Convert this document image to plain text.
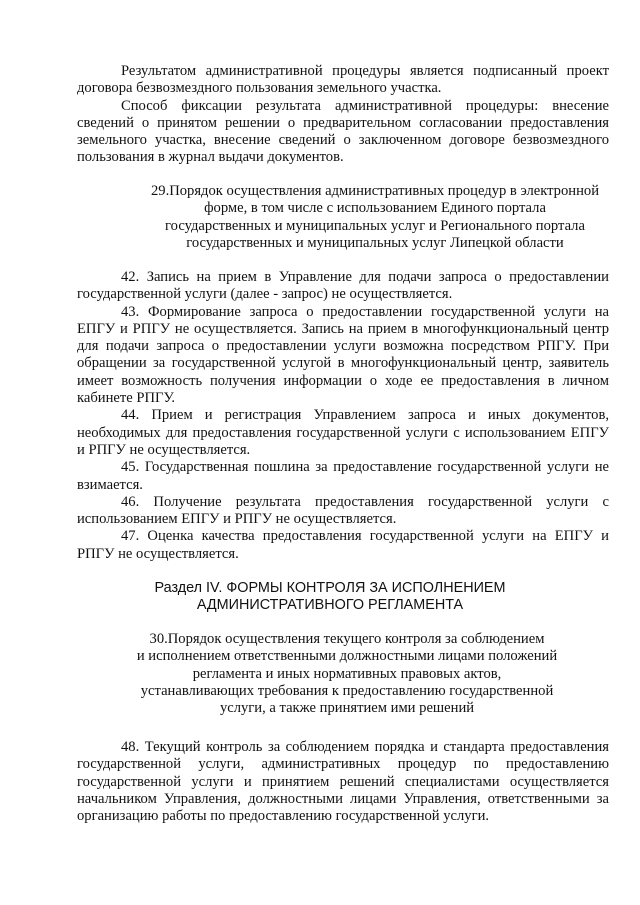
Результатом административной процедуры является подписанный проект договора безвозмездного пользования земельного участка.

Способ фиксации результата административной процедуры: внесение сведений о принятом решении о предварительном согласовании предоставления земельного участка, внесение сведений о заключенном договоре безвозмездного пользования в журнал выдачи документов.

29.Порядок осуществления административных процедур в электронной

форме, в том числе с использованием Единого портала

государственных и муниципальных услуг и Регионального портала

государственных и муниципальных услуг Липецкой области

42. Запись на прием в Управление для подачи запроса о предоставлении государственной услуги (далее - запрос) не осуществляется.

43. Формирование запроса о предоставлении государственной услуги на ЕПГУ и РПГУ не осуществляется. Запись на прием в многофункциональный центр для подачи запроса о предоставлении услуги возможна посредством РПГУ. При обращении за государственной услугой в многофункциональный центр, заявитель имеет возможность получения информации о ходе ее предоставления в личном кабинете РПГУ.

44. Прием и регистрация Управлением запроса и иных документов, необходимых для предоставления государственной услуги с использованием ЕПГУ и РПГУ не осуществляется.

45. Государственная пошлина за предоставление государственной услуги не взимается.

46. Получение результата предоставления государственной услуги с использованием ЕПГУ и РПГУ не осуществляется.

47. Оценка качества предоставления государственной услуги на ЕПГУ и РПГУ не осуществляется.

Раздел IV. ФОРМЫ КОНТРОЛЯ ЗА ИСПОЛНЕНИЕМ

АДМИНИСТРАТИВНОГО РЕГЛАМЕНТА

30.Порядок осуществления текущего контроля за соблюдением

и исполнением ответственными должностными лицами положений

регламента и иных нормативных правовых актов,

устанавливающих требования к предоставлению государственной

услуги, а также принятием ими решений

48. Текущий контроль за соблюдением порядка и стандарта предоставления государственной услуги, административных процедур по предоставлению государственной услуги и принятием решений специалистами осуществляется начальником Управления, должностными лицами Управления, ответственными за организацию работы по предоставлению государственной услуги.
